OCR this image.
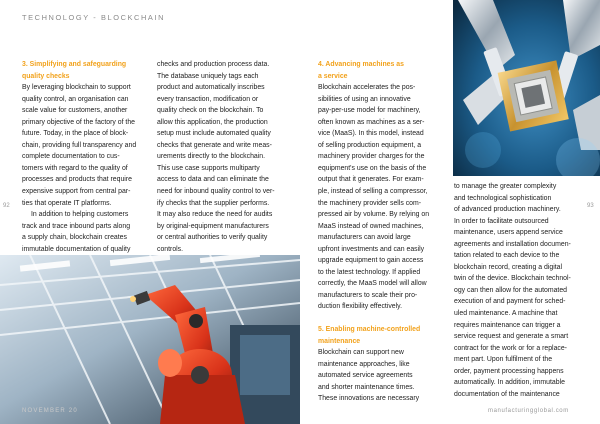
TECHNOLOGY - BLOCKCHAIN
92	93
3. Simplifying and safeguarding
quality checks
By leveraging blockchain to support
quality control, an organisation can
scale value for customers, another
primary objective of the factory of the
future. Today, in the place of block-
chain, providing full transparency and
complete documentation to cus-
tomers with regard to the quality of
processes and products that require
expensive support from central par-
ties that operate IT platforms.
In addition to helping customers
track and trace inbound parts along
a supply chain, blockchain creates
immutable documentation of quality
checks and production process data.
The database uniquely tags each
product and automatically inscribes
every transaction, modification or
quality check on the blockchain. To
allow this application, the production
setup must include automated quality
checks that generate and write meas-
urements directly to the blockchain.
This use case supports multiparty
access to data and can eliminate the
need for inbound quality control to ver-
ify checks that the supplier performs.
It may also reduce the need for audits
by original-equipment manufacturers
or central authorities to verify quality
controls.
4. Advancing machines as
a service
Blockchain accelerates the pos-
sibilities of using an innovative
pay-per-use model for machinery,
often known as machines as a ser-
vice (MaaS). In this model, instead
of selling production equipment, a
machinery provider charges for the
equipment's use on the basis of the
output that it generates. For exam-
ple, instead of selling a compressor,
the machinery provider sells com-
pressed air by volume. By relying on
MaaS instead of owned machines,
manufacturers can avoid large
upfront investments and can easily
upgrade equipment to gain access
to the latest technology. If applied
correctly, the MaaS model will allow
manufacturers to scale their pro-
duction flexibility effectively.
5. Enabling machine-controlled
maintenance
Blockchain can support new
maintenance approaches, like
automated service agreements
and shorter maintenance times.
These innovations are necessary
to manage the greater complexity
and technological sophistication
of advanced production machinery.
In order to facilitate outsourced
maintenance, users append service
agreements and installation documen-
tation related to each device to the
blockchain record, creating a digital
twin of the device. Blockchain technol-
ogy can then allow for the automated
execution of and payment for sched-
uled maintenance. A machine that
requires maintenance can trigger a
service request and generate a smart
contract for the work or for a replace-
ment part. Upon fulfilment of the
order, payment processing happens
automatically. In addition, immutable
documentation of the maintenance
NOVEMBER 20	manufacturingglobal.com
